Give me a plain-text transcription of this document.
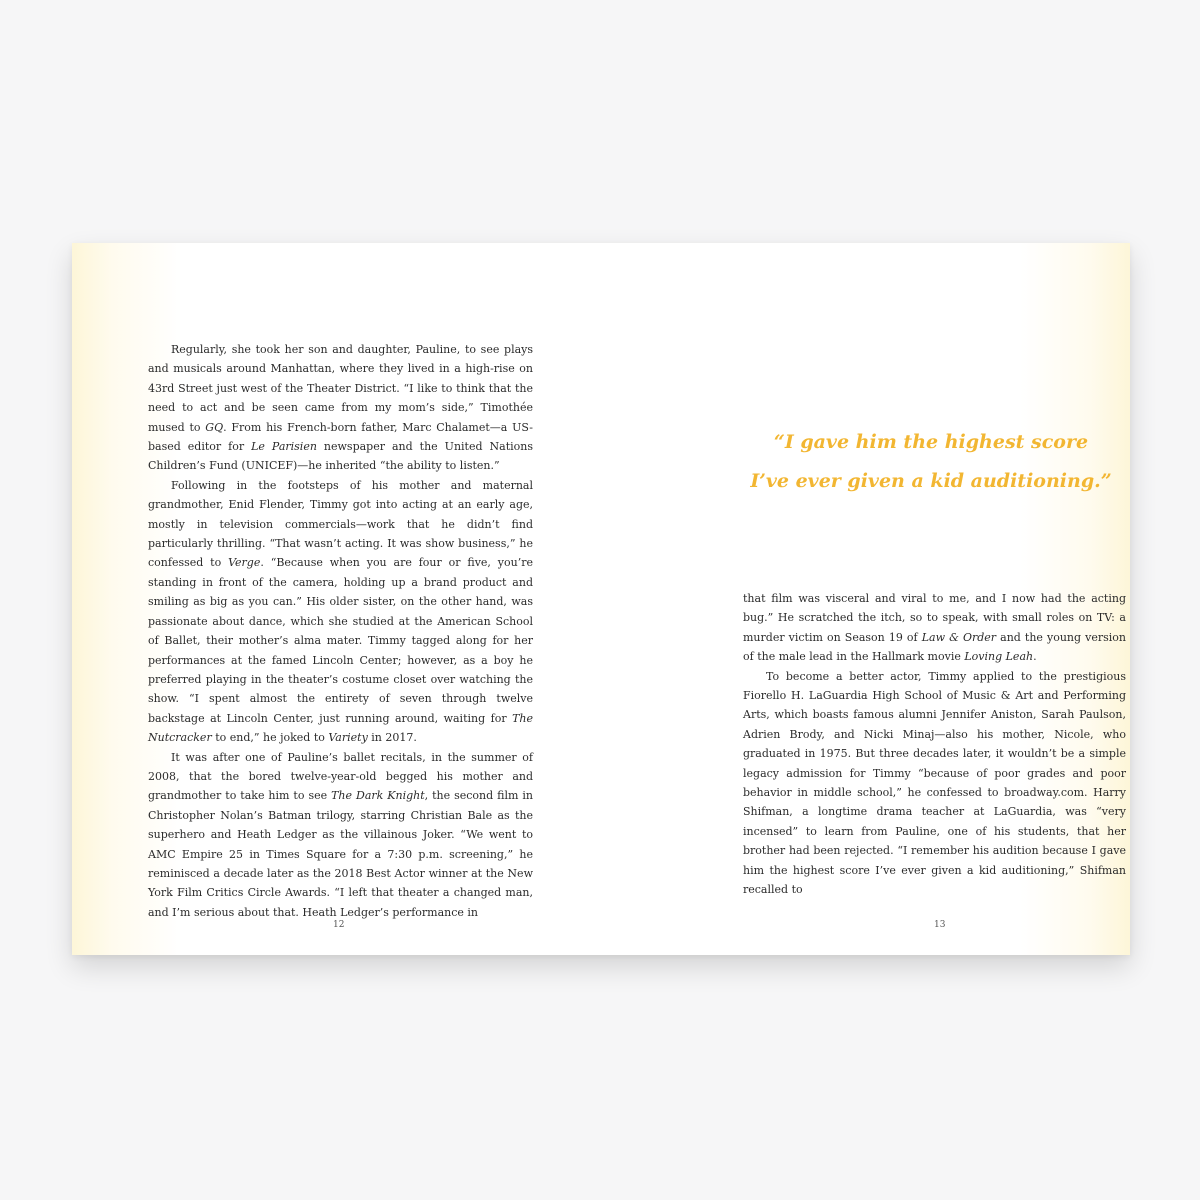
Regularly, she took her son and daughter, Pauline, to see plays and musicals around Manhattan, where they lived in a high-rise on 43rd Street just west of the Theater District. “I like to think that the need to act and be seen came from my mom’s side,” Timothée mused to GQ. From his French-born father, Marc Chalamet—a US-based editor for Le Parisien newspaper and the United Nations Children’s Fund (UNICEF)—he inherited “the ability to listen.”

Following in the footsteps of his mother and maternal grandmother, Enid Flender, Timmy got into acting at an early age, mostly in television commercials—work that he didn’t find particularly thrilling. “That wasn’t acting. It was show business,” he confessed to Verge. “Because when you are four or five, you’re standing in front of the camera, holding up a brand product and smiling as big as you can.” His older sister, on the other hand, was passionate about dance, which she studied at the American School of Ballet, their mother’s alma mater. Timmy tagged along for her performances at the famed Lincoln Center; however, as a boy he preferred playing in the theater’s costume closet over watching the show. “I spent almost the entirety of seven through twelve backstage at Lincoln Center, just running around, waiting for The Nutcracker to end,” he joked to Variety in 2017.

It was after one of Pauline’s ballet recitals, in the summer of 2008, that the bored twelve-year-old begged his mother and grandmother to take him to see The Dark Knight, the second film in Christopher Nolan’s Batman trilogy, starring Christian Bale as the superhero and Heath Ledger as the villainous Joker. “We went to AMC Empire 25 in Times Square for a 7:30 p.m. screening,” he reminisced a decade later as the 2018 Best Actor winner at the New York Film Critics Circle Awards. “I left that theater a changed man, and I’m serious about that. Heath Ledger’s performance in

12
“I gave him the highest score
I’ve ever given a kid auditioning.”

that film was visceral and viral to me, and I now had the acting bug.” He scratched the itch, so to speak, with small roles on TV: a murder victim on Season 19 of Law & Order and the young version of the male lead in the Hallmark movie Loving Leah.

To become a better actor, Timmy applied to the prestigious Fiorello H. LaGuardia High School of Music & Art and Performing Arts, which boasts famous alumni Jennifer Aniston, Sarah Paulson, Adrien Brody, and Nicki Minaj—also his mother, Nicole, who graduated in 1975. But three decades later, it wouldn’t be a simple legacy admission for Timmy “because of poor grades and poor behavior in middle school,” he confessed to broadway.com. Harry Shifman, a longtime drama teacher at LaGuardia, was “very incensed” to learn from Pauline, one of his students, that her brother had been rejected. “I remember his audition because I gave him the highest score I’ve ever given a kid auditioning,” Shifman recalled to

13
